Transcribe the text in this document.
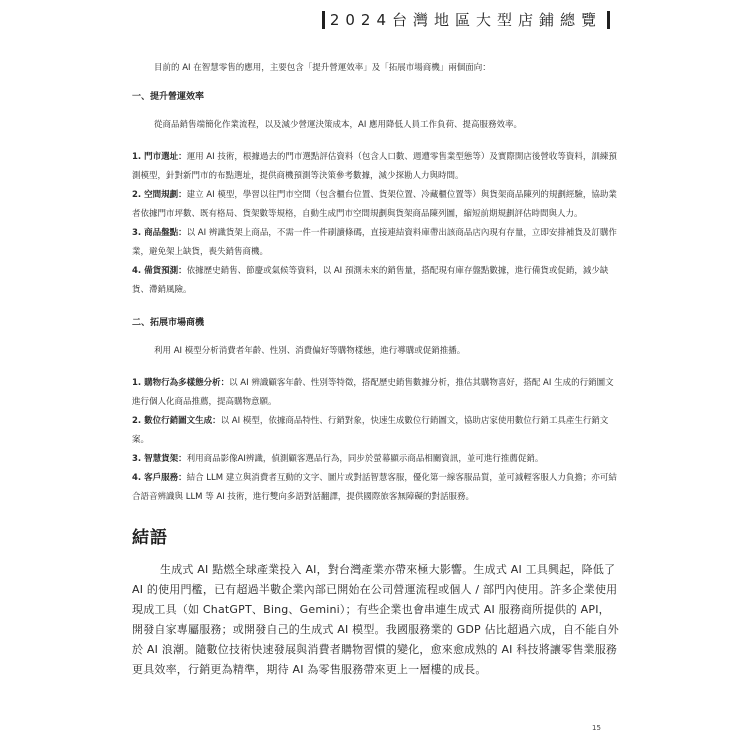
2024台灣地區大型店鋪總覽

目前的 AI 在智慧零售的應用，主要包含「提升營運效率」及「拓展市場商機」兩個面向：

一、提升營運效率

從商品銷售端簡化作業流程，以及減少營運決策成本，AI 應用降低人員工作負荷、提高服務效率。

1. 門市選址：運用 AI 技術，根據過去的門市選點評估資料（包含人口數、週遭零售業型態等）及實際開店後營收等資料，訓練預測模型，針對新門市的布點選址，提供商機預測等決策參考數據，減少探勘人力與時間。

2. 空間規劃：建立 AI 模型，學習以往門市空間（包含櫃台位置、貨架位置、冷藏櫃位置等）與貨架商品陳列的規劃經驗，協助業者依據門市坪數、既有格局、貨架數等規格，自動生成門市空間規劃與貨架商品陳列圖，縮短前期規劃評估時間與人力。

3. 商品盤點：以 AI 辨識貨架上商品，不需一件一件刷讀條碼，直接連結資料庫帶出該商品店內現有存量，立即安排補貨及訂購作業，避免架上缺貨，喪失銷售商機。

4. 備貨預測：依據歷史銷售、節慶或氣候等資料，以 AI 預測未來的銷售量，搭配現有庫存盤點數據，進行備貨或促銷，減少缺貨、滯銷風險。

二、拓展市場商機

利用 AI 模型分析消費者年齡、性別、消費偏好等購物樣態，進行導購或促銷推播。

1. 購物行為多樣態分析：以 AI 辨識顧客年齡、性別等特徵，搭配歷史銷售數據分析，推估其購物喜好，搭配 AI 生成的行銷圖文進行個人化商品推薦，提高購物意願。

2. 數位行銷圖文生成：以 AI 模型，依據商品特性、行銷對象，快速生成數位行銷圖文，協助店家使用數位行銷工具產生行銷文案。

3. 智慧貨架：利用商品影像AI辨識，偵測顧客選品行為，同步於螢幕顯示商品相關資訊，並可進行推薦促銷。

4. 客戶服務：結合 LLM 建立與消費者互動的文字、圖片或對話智慧客服，優化第一線客服品質，並可減輕客服人力負擔；亦可結合語音辨識與 LLM 等 AI 技術，進行雙向多語對話翻譯，提供國際旅客無障礙的對話服務。

結語

生成式 AI 點燃全球產業投入 AI，對台灣產業亦帶來極大影響。生成式 AI 工具興起，降低了 AI 的使用門檻，已有超過半數企業內部已開始在公司營運流程或個人 / 部門內使用。許多企業使用現成工具（如 ChatGPT、Bing、Gemini）；有些企業也會串連生成式 AI 服務商所提供的 API，開發自家專屬服務；或開發自己的生成式 AI 模型。我國服務業的 GDP 佔比超過六成，自不能自外於 AI 浪潮。隨數位技術快速發展與消費者購物習慣的變化，愈來愈成熟的 AI 科技將讓零售業服務更具效率，行銷更為精準，期待 AI 為零售服務帶來更上一層樓的成長。

15
